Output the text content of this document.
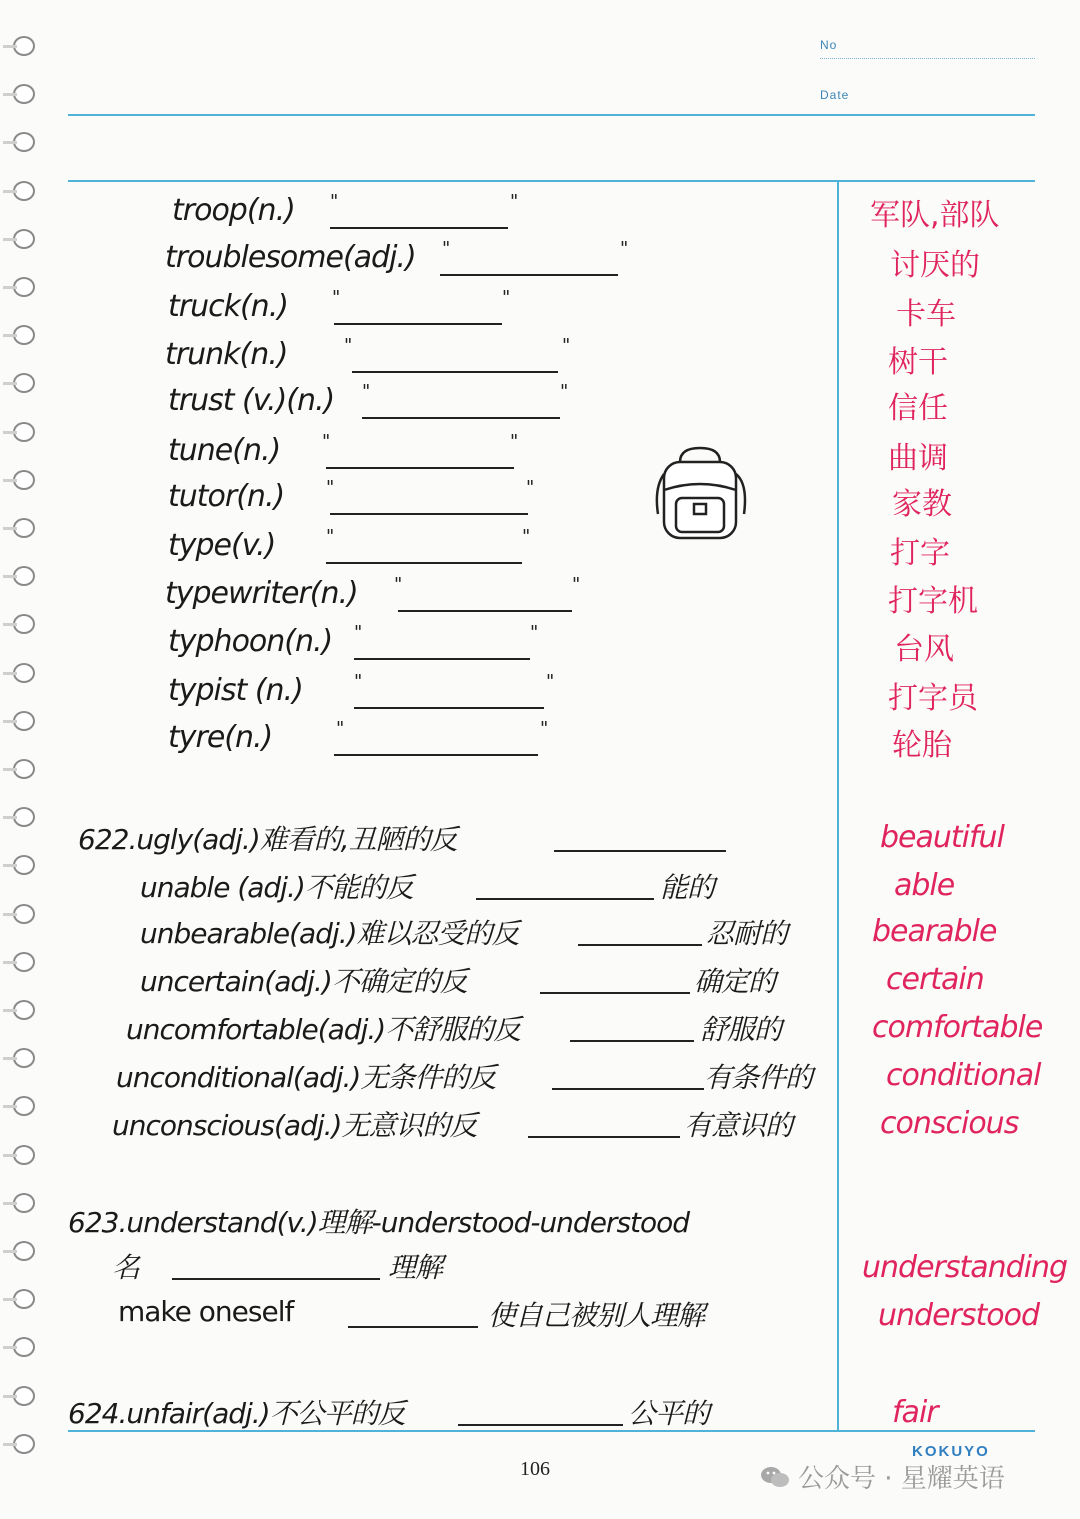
No
Date
troop(n.) "	"	军队,部队
troublesome(adj.) "	"	讨厌的
truck(n.) "	"	卡车
trunk(n.)	"	"	树干
trust (v.)(n.) "	"	信任
tune(n.) "	"	曲调
tutor(n.) "	"	家教
type(v.)	"	"	打字
typewriter(n.) "	"	打字机
typhoon(n.) "	"	台风
typist (n.)	"	"	打字员
tyre(n.)	"	"	轮胎
622.ugly(adj.)难看的,丑陋的反	beautiful
unable (adj.)不能的反	能的	able
unbearable(adj.)难以忍受的反	忍耐的	bearable
uncertain(adj.)不确定的反	确定的	certain
uncomfortable(adj.)不舒服的反	舒服的	comfortable
unconditional(adj.)无条件的反	有条件的 conditional
unconscious(adj.)无意识的反	有意识的	conscious
623.understand(v.)理解-understood-understood
名	理解
make oneself	使自己被别人理解
understanding
understood
624.unfair(adj.)不公平的反	公平的	fair
KOKUYO
106	公众号 · 星耀英语
